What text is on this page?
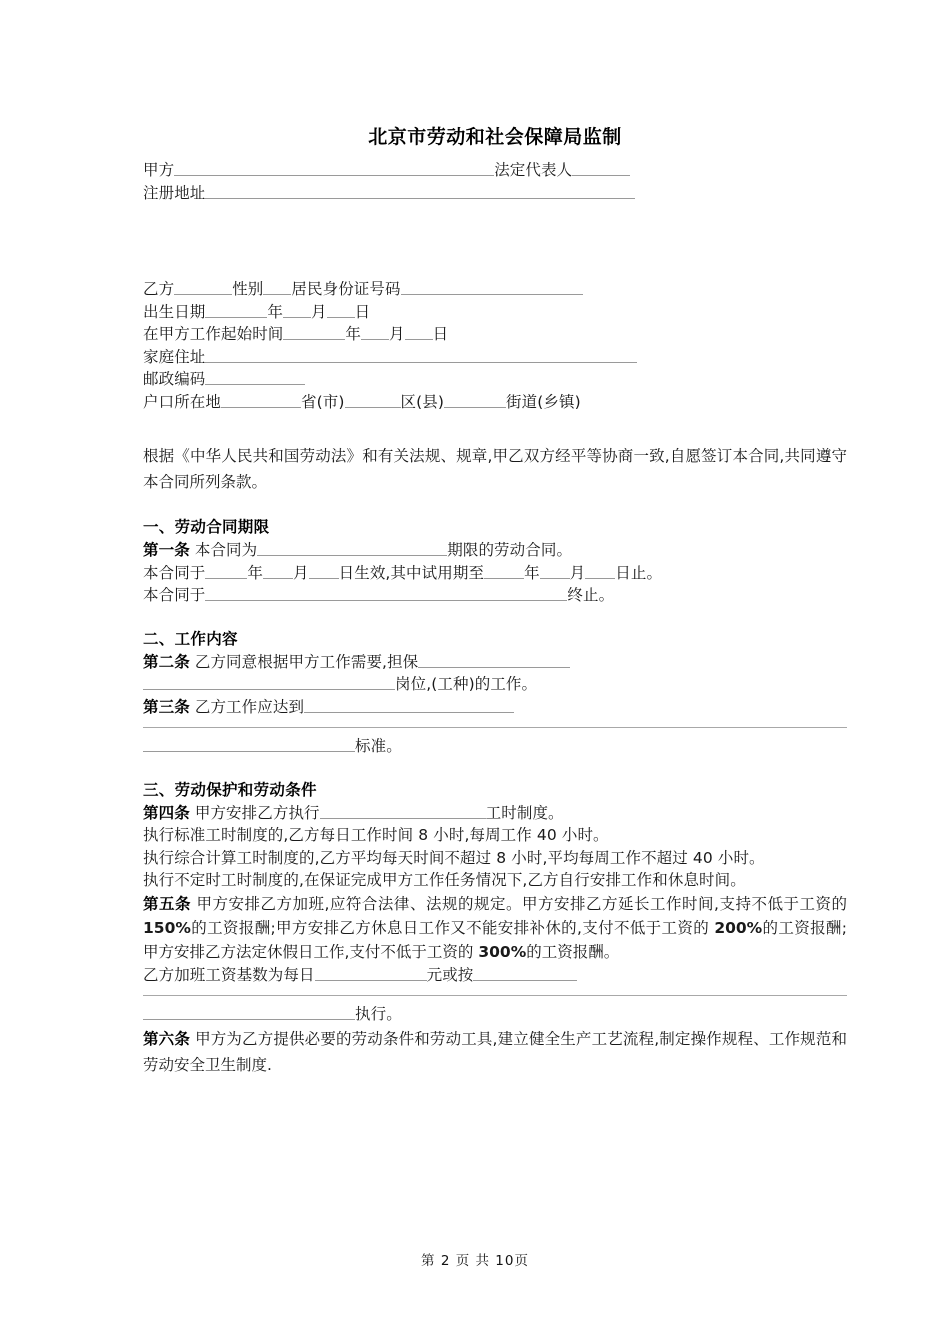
北京市劳动和社会保障局监制
甲方	法定代表人
注册地址
乙方	性别 居民身份证号码
出生日期	年 月 日
在甲方工作起始时间	年 月 日
家庭住址
邮政编码
户口所在地	省(市)	区(县)	街道(乡镇)
根据《中华人民共和国劳动法》和有关法规、规章,甲乙双方经平等协商一致,自愿签订本合同,共同遵守本合同所列条款。
一、劳动合同期限
第一条 本合同为	期限的劳动合同。
本合同于	年 月 日生效,其中试用期至	年 月 日止。
本合同于	终止。
二、工作内容
第二条 乙方同意根据甲方工作需要,担保
岗位,(工种)的工作。
第三条 乙方工作应达到
标准。
三、劳动保护和劳动条件
第四条 甲方安排乙方执行	工时制度。
执行标准工时制度的,乙方每日工作时间 8 小时,每周工作 40 小时。
执行综合计算工时制度的,乙方平均每天时间不超过 8 小时,平均每周工作不超过 40 小时。
执行不定时工时制度的,在保证完成甲方工作任务情况下,乙方自行安排工作和休息时间。
第五条 甲方安排乙方加班,应符合法律、法规的规定。甲方安排乙方延长工作时间,支持不低于工资的 150%的工资报酬;甲方安排乙方休息日工作又不能安排补休的,支付不低于工资的 200%的工资报酬;甲方安排乙方法定休假日工作,支付不低于工资的 300%的工资报酬。
乙方加班工资基数为每日	元或按
执行。
第六条 甲方为乙方提供必要的劳动条件和劳动工具,建立健全生产工艺流程,制定操作规程、工作规范和劳动安全卫生制度.
第 2 页 共 10页
